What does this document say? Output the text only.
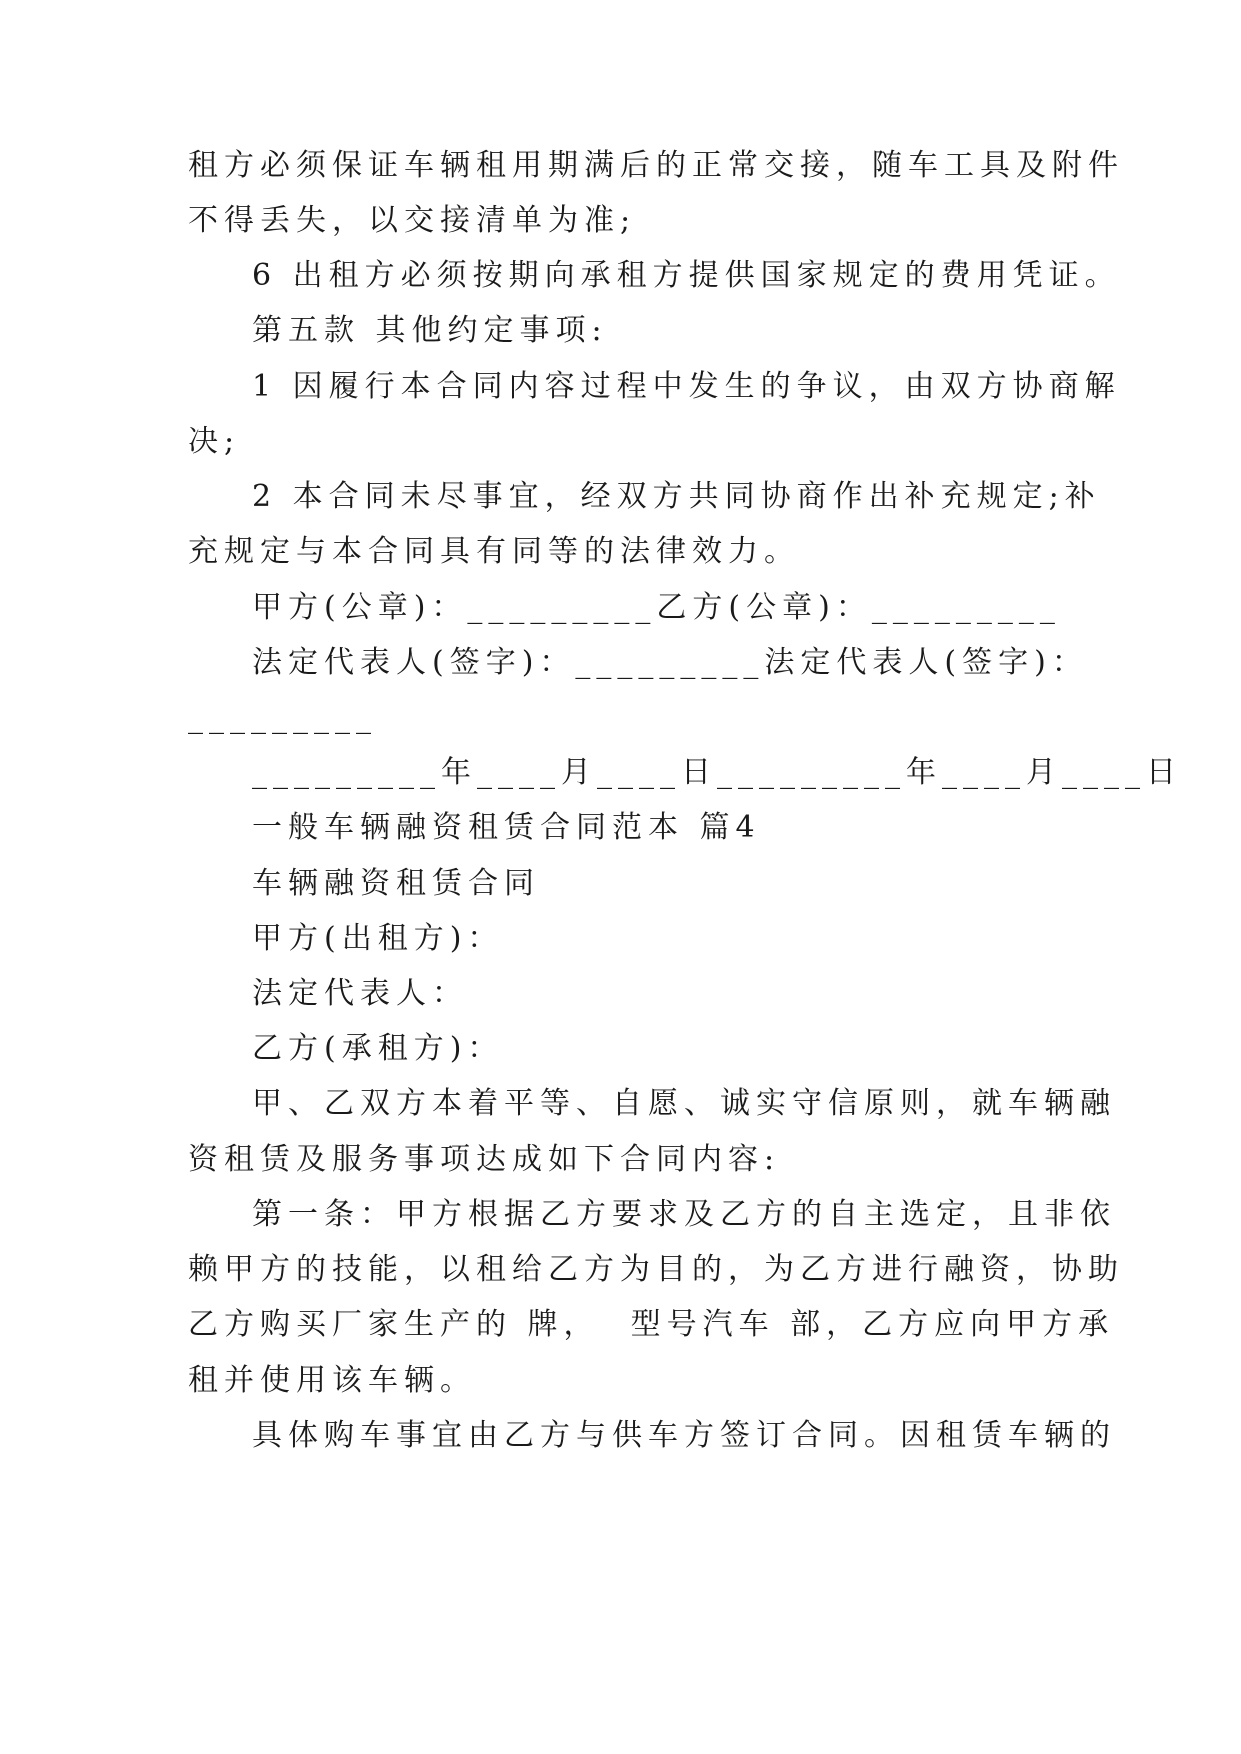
租方必须保证车辆租用期满后的正常交接，随车工具及附件
不得丢失，以交接清单为准;
6 出租方必须按期向承租方提供国家规定的费用凭证。
第五款 其他约定事项:
1 因履行本合同内容过程中发生的争议，由双方协商解
决;
2 本合同未尽事宜，经双方共同协商作出补充规定;补
充规定与本合同具有同等的法律效力。
甲方(公章)：_________乙方(公章)：_________
法定代表人(签字)：_________法定代表人(签字)：
_________
_________年____月____日_________年____月____日
一般车辆融资租赁合同范本 篇4
车辆融资租赁合同
甲方(出租方)：
法定代表人：
乙方(承租方)：
甲、乙双方本着平等、自愿、诚实守信原则，就车辆融
资租赁及服务事项达成如下合同内容:
第一条：甲方根据乙方要求及乙方的自主选定，且非依
赖甲方的技能，以租给乙方为目的，为乙方进行融资，协助
乙方购买厂家生产的 牌，  型号汽车 部，乙方应向甲方承
租并使用该车辆。
具体购车事宜由乙方与供车方签订合同。因租赁车辆的
